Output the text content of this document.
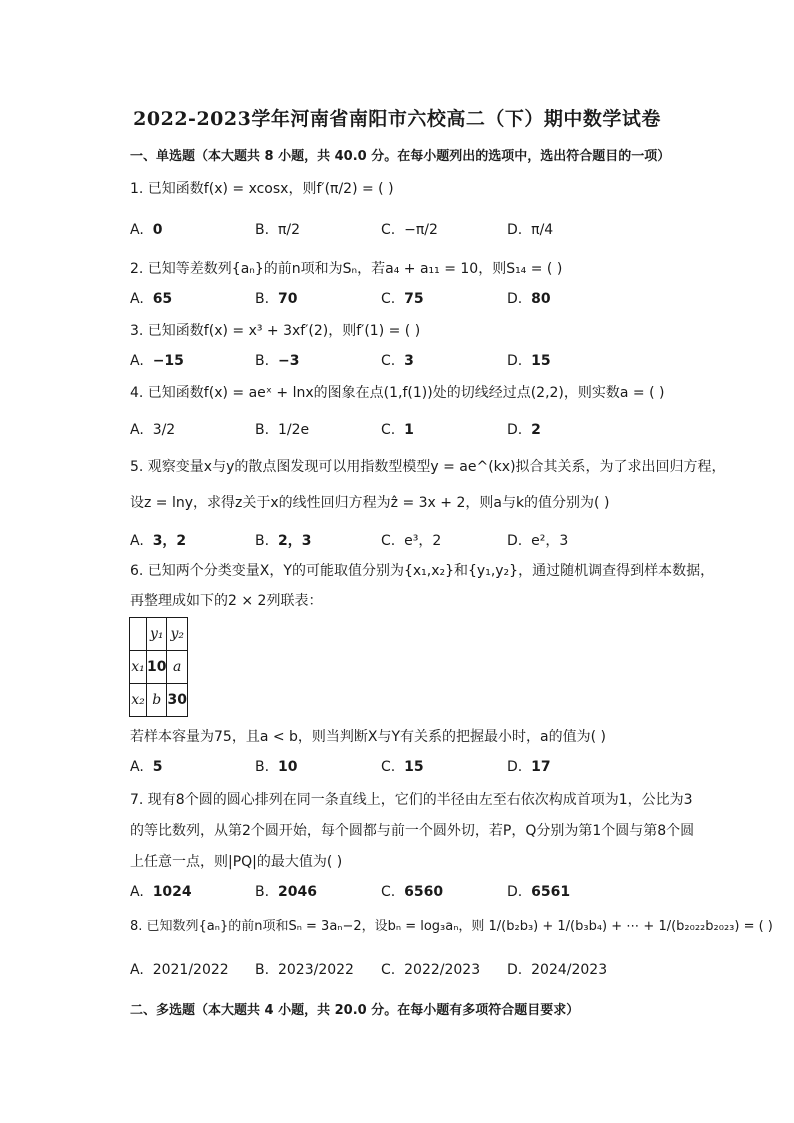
2022-2023学年河南省南阳市六校高二（下）期中数学试卷
一、单选题（本大题共 8 小题，共 40.0 分。在每小题列出的选项中，选出符合题目的一项）
1. 已知函数f(x) = xcosx，则f′(π/2) = ( )
A.  0	B.  π/2	C.  −π/2	D.  π/4
2. 已知等差数列{aₙ}的前n项和为Sₙ，若a₄ + a₁₁ = 10，则S₁₄ = ( )
A.  65	B.  70	C.  75	D.  80
3. 已知函数f(x) = x³ + 3xf′(2)，则f′(1) = ( )
A.  −15	B.  −3	C.  3	D.  15
4. 已知函数f(x) = aeˣ + lnx的图象在点(1,f(1))处的切线经过点(2,2)，则实数a = ( )
A.  3/2	B.  1/2e	C.  1	D.  2
5. 观察变量x与y的散点图发现可以用指数型模型y = ae^(kx)拟合其关系，为了求出回归方程，
设z = lny，求得z关于x的线性回归方程为ẑ = 3x + 2，则a与k的值分别为( )
A.  3，2	B.  2，3	C.  e³，2	D.  e²，3
6. 已知两个分类变量X，Y的可能取值分别为{x₁,x₂}和{y₁,y₂}，通过随机调查得到样本数据，
再整理成如下的2 × 2列联表：
	y₁	y₂
x₁	10	a
x₂	b	30
若样本容量为75，且a < b，则当判断X与Y有关系的把握最小时，a的值为( )
A.  5	B.  10	C.  15	D.  17
7. 现有8个圆的圆心排列在同一条直线上，它们的半径由左至右依次构成首项为1，公比为3
的等比数列，从第2个圆开始，每个圆都与前一个圆外切，若P，Q分别为第1个圆与第8个圆
上任意一点，则|PQ|的最大值为( )
A.  1024	B.  2046	C.  6560	D.  6561
8. 已知数列{aₙ}的前n项和Sₙ = 3aₙ−2，设bₙ = log₃aₙ，则 1/(b₂b₃) + 1/(b₃b₄) + ⋯ + 1/(b₂₀₂₂b₂₀₂₃) = ( )
A.  2021/2022 B.  2023/2022 C.  2022/2023 D.  2024/2023
二、多选题（本大题共 4 小题，共 20.0 分。在每小题有多项符合题目要求）
